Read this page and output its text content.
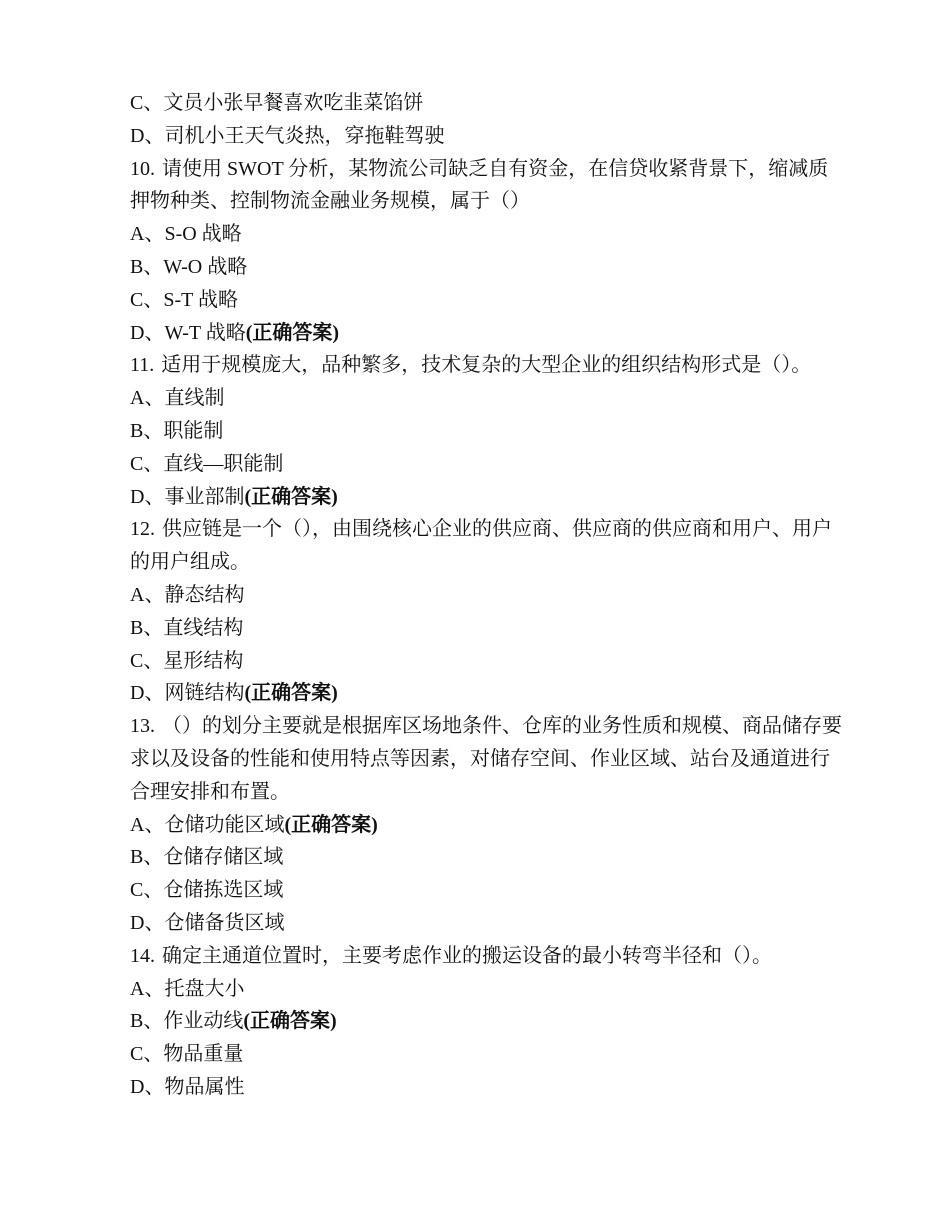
C、文员小张早餐喜欢吃韭菜馅饼

D、司机小王天气炎热，穿拖鞋驾驶

10. 请使用 SWOT 分析，某物流公司缺乏自有资金，在信贷收紧背景下，缩减质押物种类、控制物流金融业务规模，属于（）

A、S-O 战略

B、W-O 战略

C、S-T 战略

D、W-T 战略(正确答案)

11. 适用于规模庞大，品种繁多，技术复杂的大型企业的组织结构形式是（）。

A、直线制

B、职能制

C、直线—职能制

D、事业部制(正确答案)

12. 供应链是一个（），由围绕核心企业的供应商、供应商的供应商和用户、用户的用户组成。

A、静态结构

B、直线结构

C、星形结构

D、网链结构(正确答案)

13. （）的划分主要就是根据库区场地条件、仓库的业务性质和规模、商品储存要求以及设备的性能和使用特点等因素，对储存空间、作业区域、站台及通道进行合理安排和布置。

A、仓储功能区域(正确答案)

B、仓储存储区域

C、仓储拣选区域

D、仓储备货区域

14. 确定主通道位置时，主要考虑作业的搬运设备的最小转弯半径和（）。

A、托盘大小

B、作业动线(正确答案)

C、物品重量

D、物品属性
